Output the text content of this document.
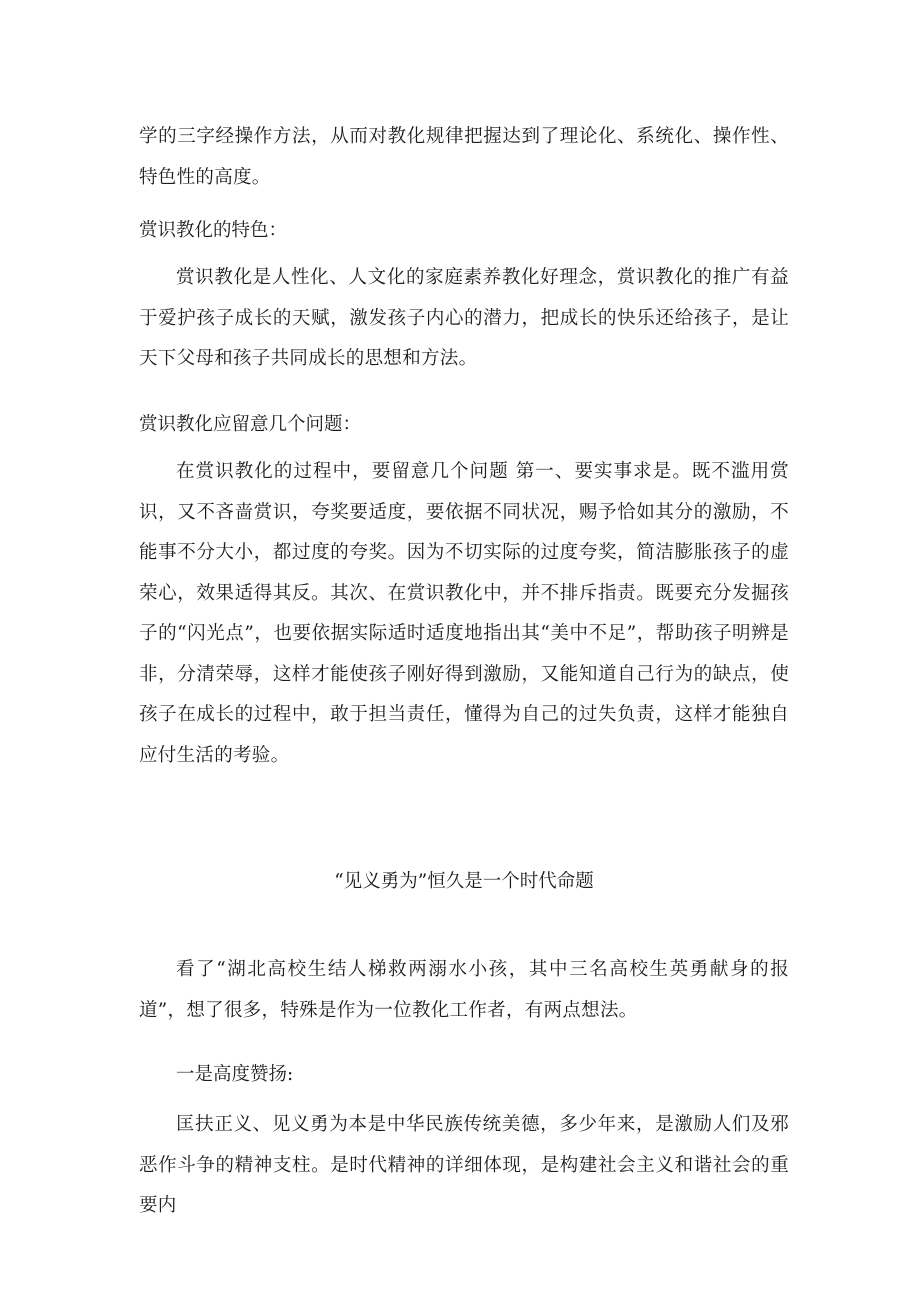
学的三字经操作方法，从而对教化规律把握达到了理论化、系统化、操作性、特色性的高度。

赏识教化的特色：

赏识教化是人性化、人文化的家庭素养教化好理念，赏识教化的推广有益于爱护孩子成长的天赋，激发孩子内心的潜力，把成长的快乐还给孩子，是让天下父母和孩子共同成长的思想和方法。

赏识教化应留意几个问题：

在赏识教化的过程中，要留意几个问题 第一、要实事求是。既不滥用赏识，又不吝啬赏识，夸奖要适度，要依据不同状况，赐予恰如其分的激励，不能事不分大小，都过度的夸奖。因为不切实际的过度夸奖，简洁膨胀孩子的虚荣心，效果适得其反。其次、在赏识教化中，并不排斥指责。既要充分发掘孩子的“闪光点”，也要依据实际适时适度地指出其“美中不足”，帮助孩子明辨是非，分清荣辱，这样才能使孩子刚好得到激励，又能知道自己行为的缺点，使孩子在成长的过程中，敢于担当责任，懂得为自己的过失负责，这样才能独自应付生活的考验。

“见义勇为”恒久是一个时代命题

看了“湖北高校生结人梯救两溺水小孩，其中三名高校生英勇献身的报道”，想了很多，特殊是作为一位教化工作者，有两点想法。

一是高度赞扬:

匡扶正义、见义勇为本是中华民族传统美德，多少年来，是激励人们及邪恶作斗争的精神支柱。是时代精神的详细体现，是构建社会主义和谐社会的重要内
